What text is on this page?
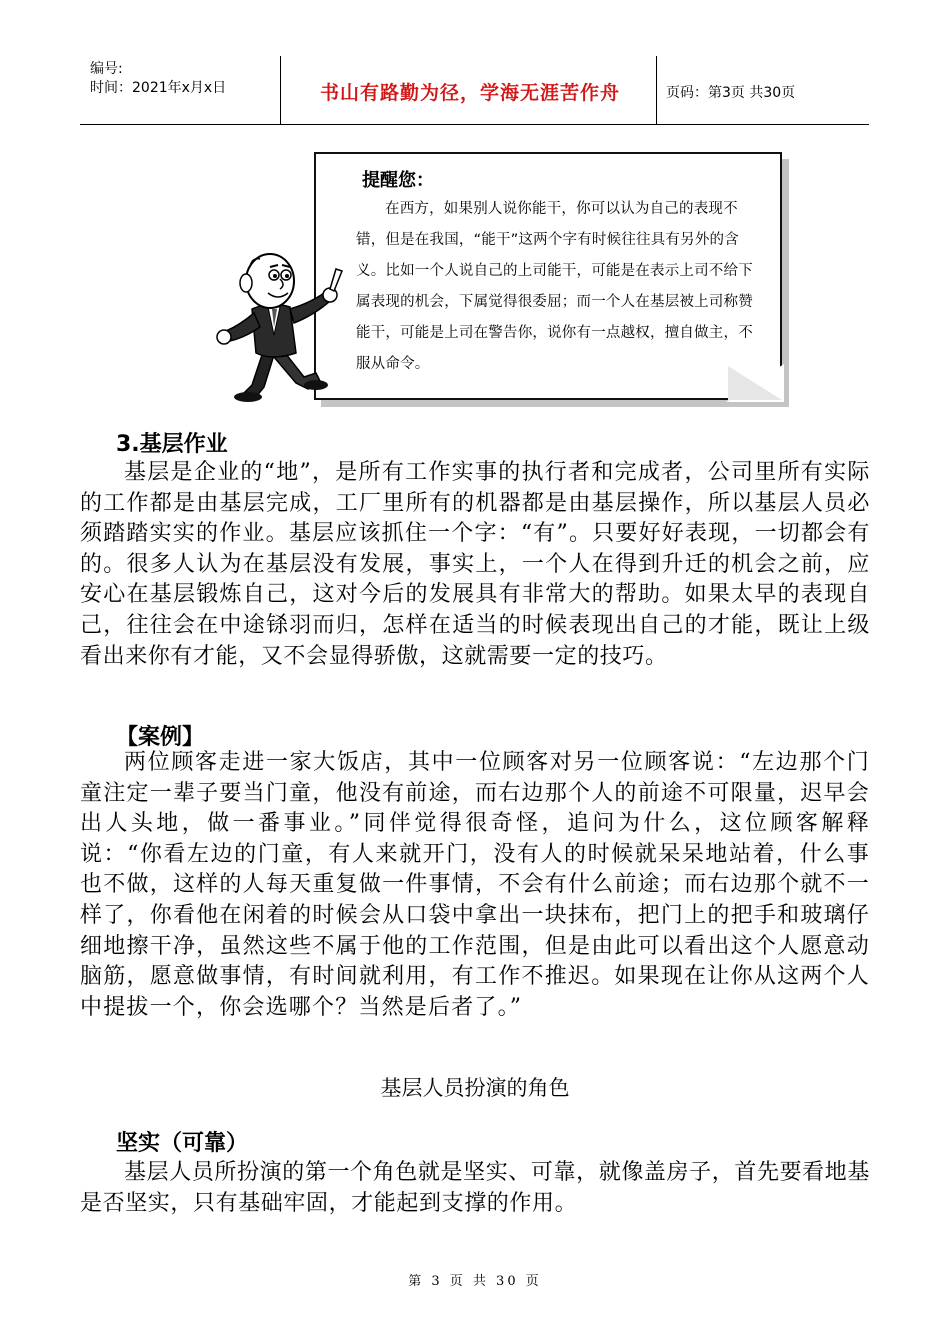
编号:
时间：2021年x月x日	书山有路勤为径，学海无涯苦作舟	页码：第3页 共30页
提醒您：
在西方，如果别人说你能干，你可以认为自己的表现不错，但是在我国，“能干”这两个字有时候往往具有另外的含义。比如一个人说自己的上司能干，可能是在表示上司不给下属表现的机会，下属觉得很委屈；而一个人在基层被上司称赞能干，可能是上司在警告你，说你有一点越权，擅自做主，不服从命令。
3.基层作业
基层是企业的“地”，是所有工作实事的执行者和完成者，公司里所有实际的工作都是由基层完成，工厂里所有的机器都是由基层操作，所以基层人员必须踏踏实实的作业。基层应该抓住一个字：“有”。只要好好表现，一切都会有的。很多人认为在基层没有发展，事实上，一个人在得到升迁的机会之前，应安心在基层锻炼自己，这对今后的发展具有非常大的帮助。如果太早的表现自己，往往会在中途铩羽而归，怎样在适当的时候表现出自己的才能，既让上级看出来你有才能，又不会显得骄傲，这就需要一定的技巧。
【案例】
两位顾客走进一家大饭店，其中一位顾客对另一位顾客说：“左边那个门童注定一辈子要当门童，他没有前途，而右边那个人的前途不可限量，迟早会出人头地，做一番事业。”同伴觉得很奇怪，追问为什么，这位顾客解释说：“你看左边的门童，有人来就开门，没有人的时候就呆呆地站着，什么事也不做，这样的人每天重复做一件事情，不会有什么前途；而右边那个就不一样了，你看他在闲着的时候会从口袋中拿出一块抹布，把门上的把手和玻璃仔细地擦干净，虽然这些不属于他的工作范围，但是由此可以看出这个人愿意动脑筋，愿意做事情，有时间就利用，有工作不推迟。如果现在让你从这两个人中提拔一个，你会选哪个？当然是后者了。”
基层人员扮演的角色
坚实（可靠）
基层人员所扮演的第一个角色就是坚实、可靠，就像盖房子，首先要看地基是否坚实，只有基础牢固，才能起到支撑的作用。
第 3 页 共 30 页
